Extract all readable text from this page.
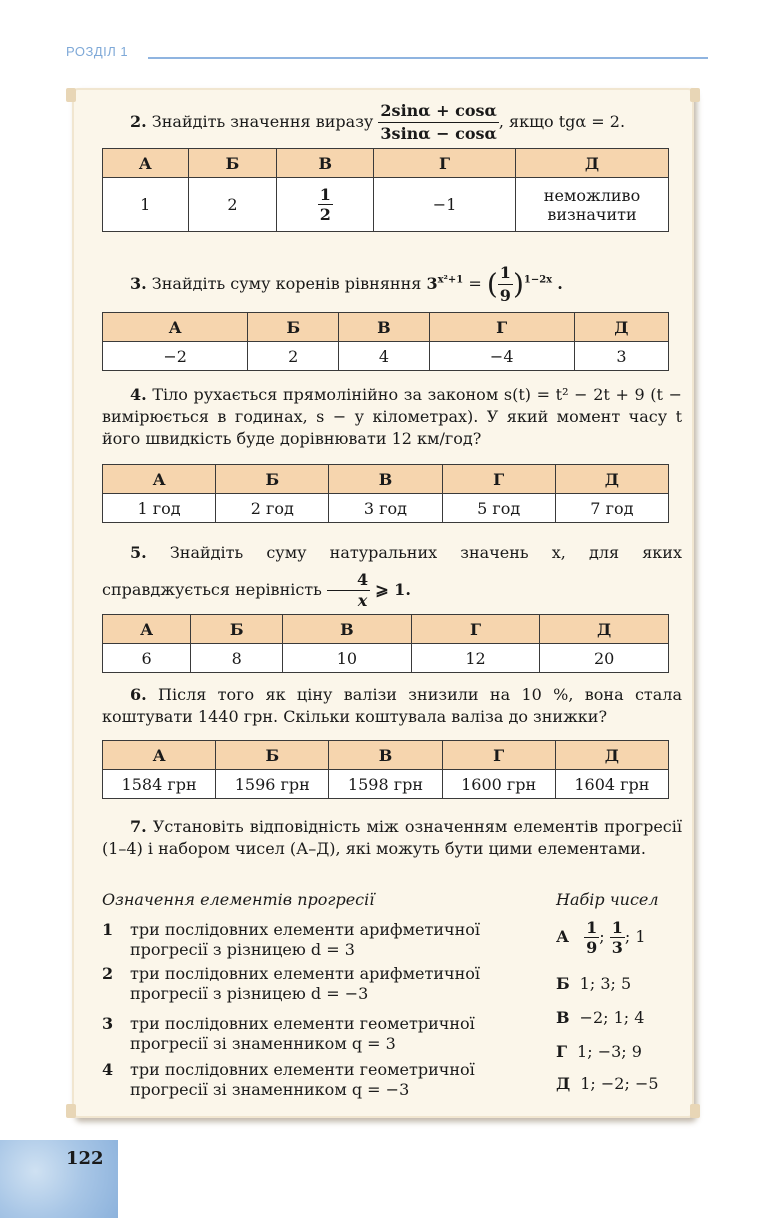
РОЗДІЛ 1
2. Знайдіть значення виразу $\frac{2\sin\alpha + \cos\alpha}{3\sin\alpha - \cos\alpha}$ , якщо tgα = 2.
А	Б	В	Г	Д
1	2	$\frac{1}{2}$	−1	неможливо визначити
3. Знайдіть суму коренів рівняння $3^{x^2+1}$ = ( $\frac{1}{9} )^{1-2x}$ .
А	Б	В	Г	Д
−2	2	4	−4	3
4. Тіло рухається прямолінійно за законом s(t) = t² − 2t + 9 (t − вимірюється в годинах, s − у кілометрах). У який момент часу t його швидкість буде дорівнювати 12 км/год?
А	Б	В	Г	Д
1 год	2 год	3 год	5 год	7 год
5. Знайдіть суму натуральних значень x, для яких справджується нерівність $\frac{4}{x}$ ⩾ 1.
А	Б	В	Г	Д
6	8	10	12	20
6. Після того як ціну валізи знизили на 10 %, вона стала коштувати 1440 грн. Скільки коштувала валіза до знижки?
А	Б	В	Г	Д
1584 грн	1596 грн	1598 грн	1600 грн	1604 грн
7. Установіть відповідність між означенням елементів прогресії (1–4) і набором чисел (А–Д), які можуть бути цими елементами.
Означення елементів прогресії	Набір чисел
1 три послідовних елементи арифметичної прогресії з різницею d = 3
2 три послідовних елементи арифметичної прогресії з різницею d = −3
3 три послідовних елементи геометричної прогресії зі знаменником q = 3
4 три послідовних елементи геометричної прогресії зі знаменником q = −3
А $\frac{1}{9}$ ; $\frac{1}{3}$ ; 1
Б 1; 3; 5
В −2; 1; 4
Г 1; −3; 9
Д 1; −2; −5
122
